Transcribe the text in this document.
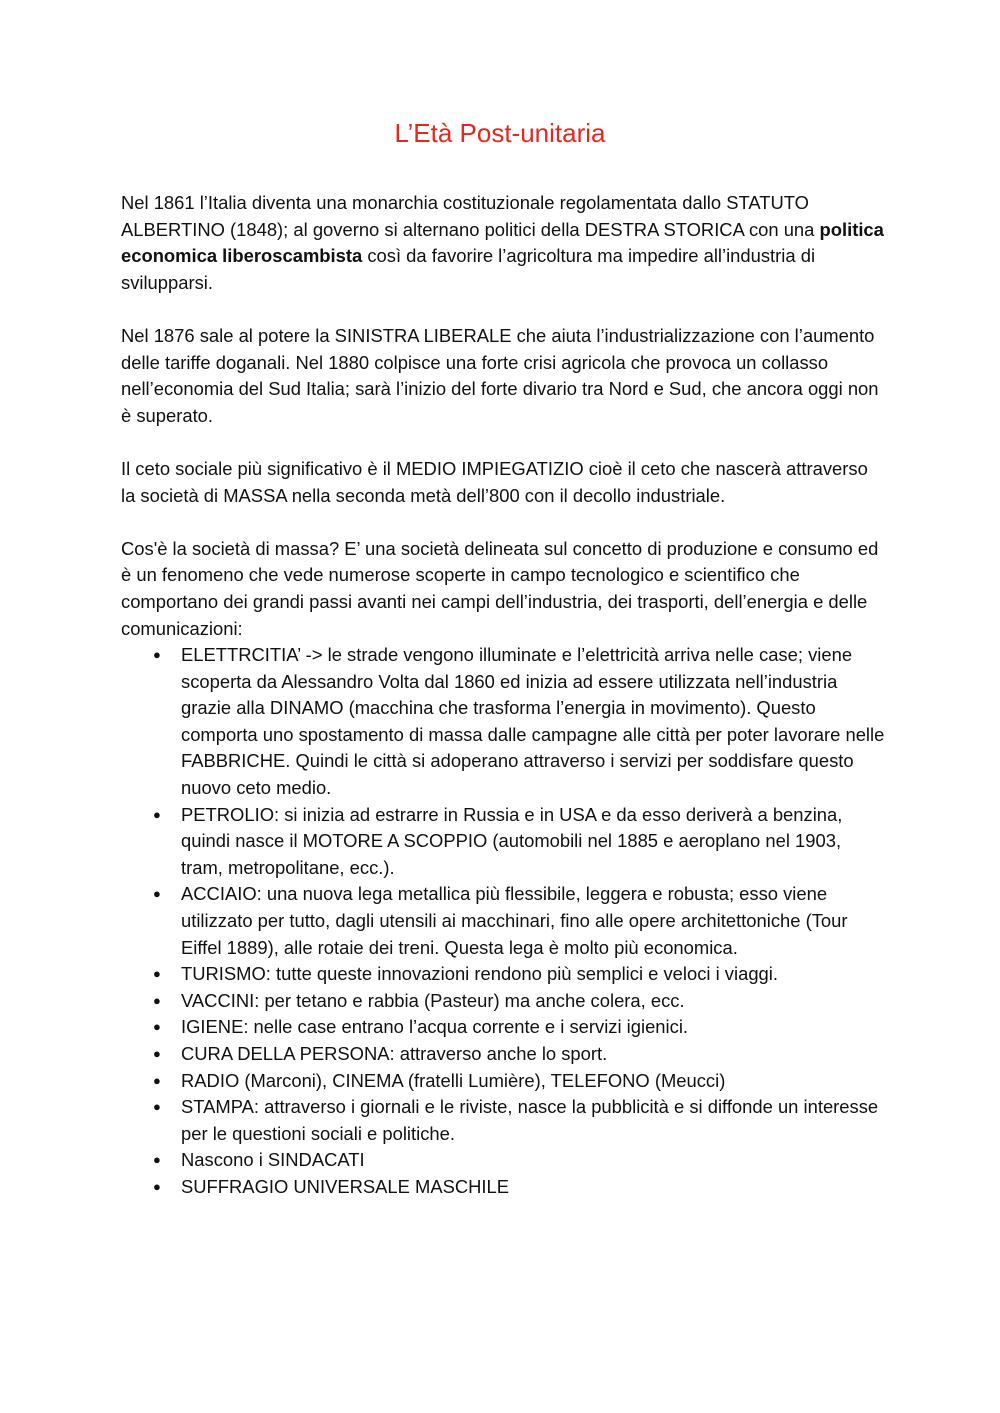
L’Età Post-unitaria

Nel 1861 l’Italia diventa una monarchia costituzionale regolamentata dallo STATUTO ALBERTINO (1848); al governo si alternano politici della DESTRA STORICA con una politica economica liberoscambista così da favorire l’agricoltura ma impedire all’industria di svilupparsi.

Nel 1876 sale al potere la SINISTRA LIBERALE che aiuta l’industrializzazione con l’aumento delle tariffe doganali. Nel 1880 colpisce una forte crisi agricola che provoca un collasso nell’economia del Sud Italia; sarà l’inizio del forte divario tra Nord e Sud, che ancora oggi non è superato.

Il ceto sociale più significativo è il MEDIO IMPIEGATIZIO cioè il ceto che nascerà attraverso la società di MASSA nella seconda metà dell’800 con il decollo industriale.

Cos'è la società di massa? E’ una società delineata sul concetto di produzione e consumo ed è un fenomeno che vede numerose scoperte in campo tecnologico e scientifico che comportano dei grandi passi avanti nei campi dell’industria, dei trasporti, dell’energia e delle comunicazioni:

● ELETTRCITIA’ -> le strade vengono illuminate e l’elettricità arriva nelle case; viene scoperta da Alessandro Volta dal 1860 ed inizia ad essere utilizzata nell’industria grazie alla DINAMO (macchina che trasforma l’energia in movimento). Questo comporta uno spostamento di massa dalle campagne alle città per poter lavorare nelle FABBRICHE. Quindi le città si adoperano attraverso i servizi per soddisfare questo nuovo ceto medio.
● PETROLIO: si inizia ad estrarre in Russia e in USA e da esso deriverà a benzina, quindi nasce il MOTORE A SCOPPIO (automobili nel 1885 e aeroplano nel 1903, tram, metropolitane, ecc.).
● ACCIAIO: una nuova lega metallica più flessibile, leggera e robusta; esso viene utilizzato per tutto, dagli utensili ai macchinari, fino alle opere architettoniche (Tour Eiffel 1889), alle rotaie dei treni. Questa lega è molto più economica.
● TURISMO: tutte queste innovazioni rendono più semplici e veloci i viaggi.
● VACCINI: per tetano e rabbia (Pasteur) ma anche colera, ecc.
● IGIENE: nelle case entrano l’acqua corrente e i servizi igienici.
● CURA DELLA PERSONA: attraverso anche lo sport.
● RADIO (Marconi), CINEMA (fratelli Lumière), TELEFONO (Meucci)
● STAMPA: attraverso i giornali e le riviste, nasce la pubblicità e si diffonde un interesse per le questioni sociali e politiche.
● Nascono i SINDACATI
● SUFFRAGIO UNIVERSALE MASCHILE
